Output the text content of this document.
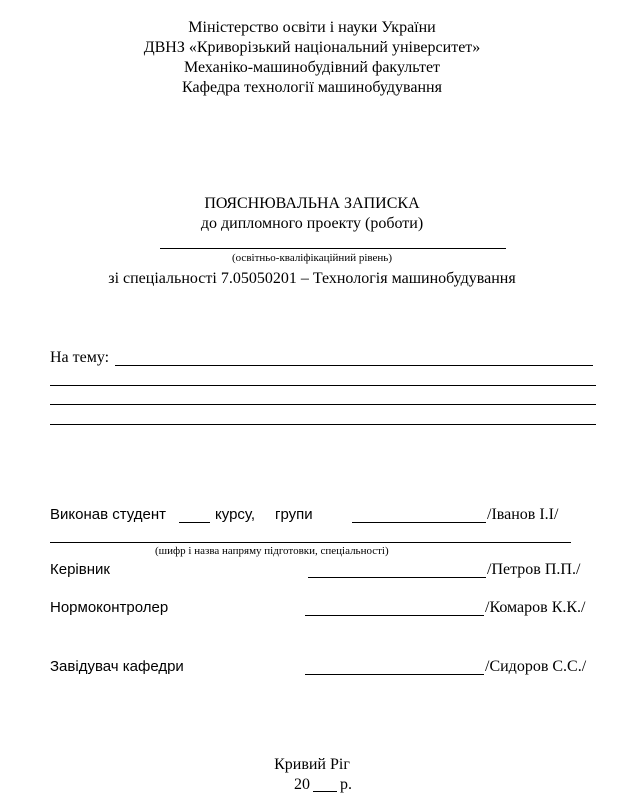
Міністерство освіти і науки України
ДВНЗ «Криворізький національний університет»
Механіко-машинобудівний факультет
Кафедра технології машинобудування
ПОЯСНЮВАЛЬНА ЗАПИСКА
до дипломного проекту (роботи)
(освітньо-кваліфікаційний рівень)
зі спеціальності 7.05050201 – Технологія машинобудування
На тему:
Виконав студент	курсу, групи	/Іванов І.І/
(шифр і назва напряму підготовки, спеціальності)
Керівник	/Петров П.П./
Нормоконтролер	/Комаров К.К./
Завідувач кафедри	/Сидоров С.С./
Кривий Ріг
20 р.
